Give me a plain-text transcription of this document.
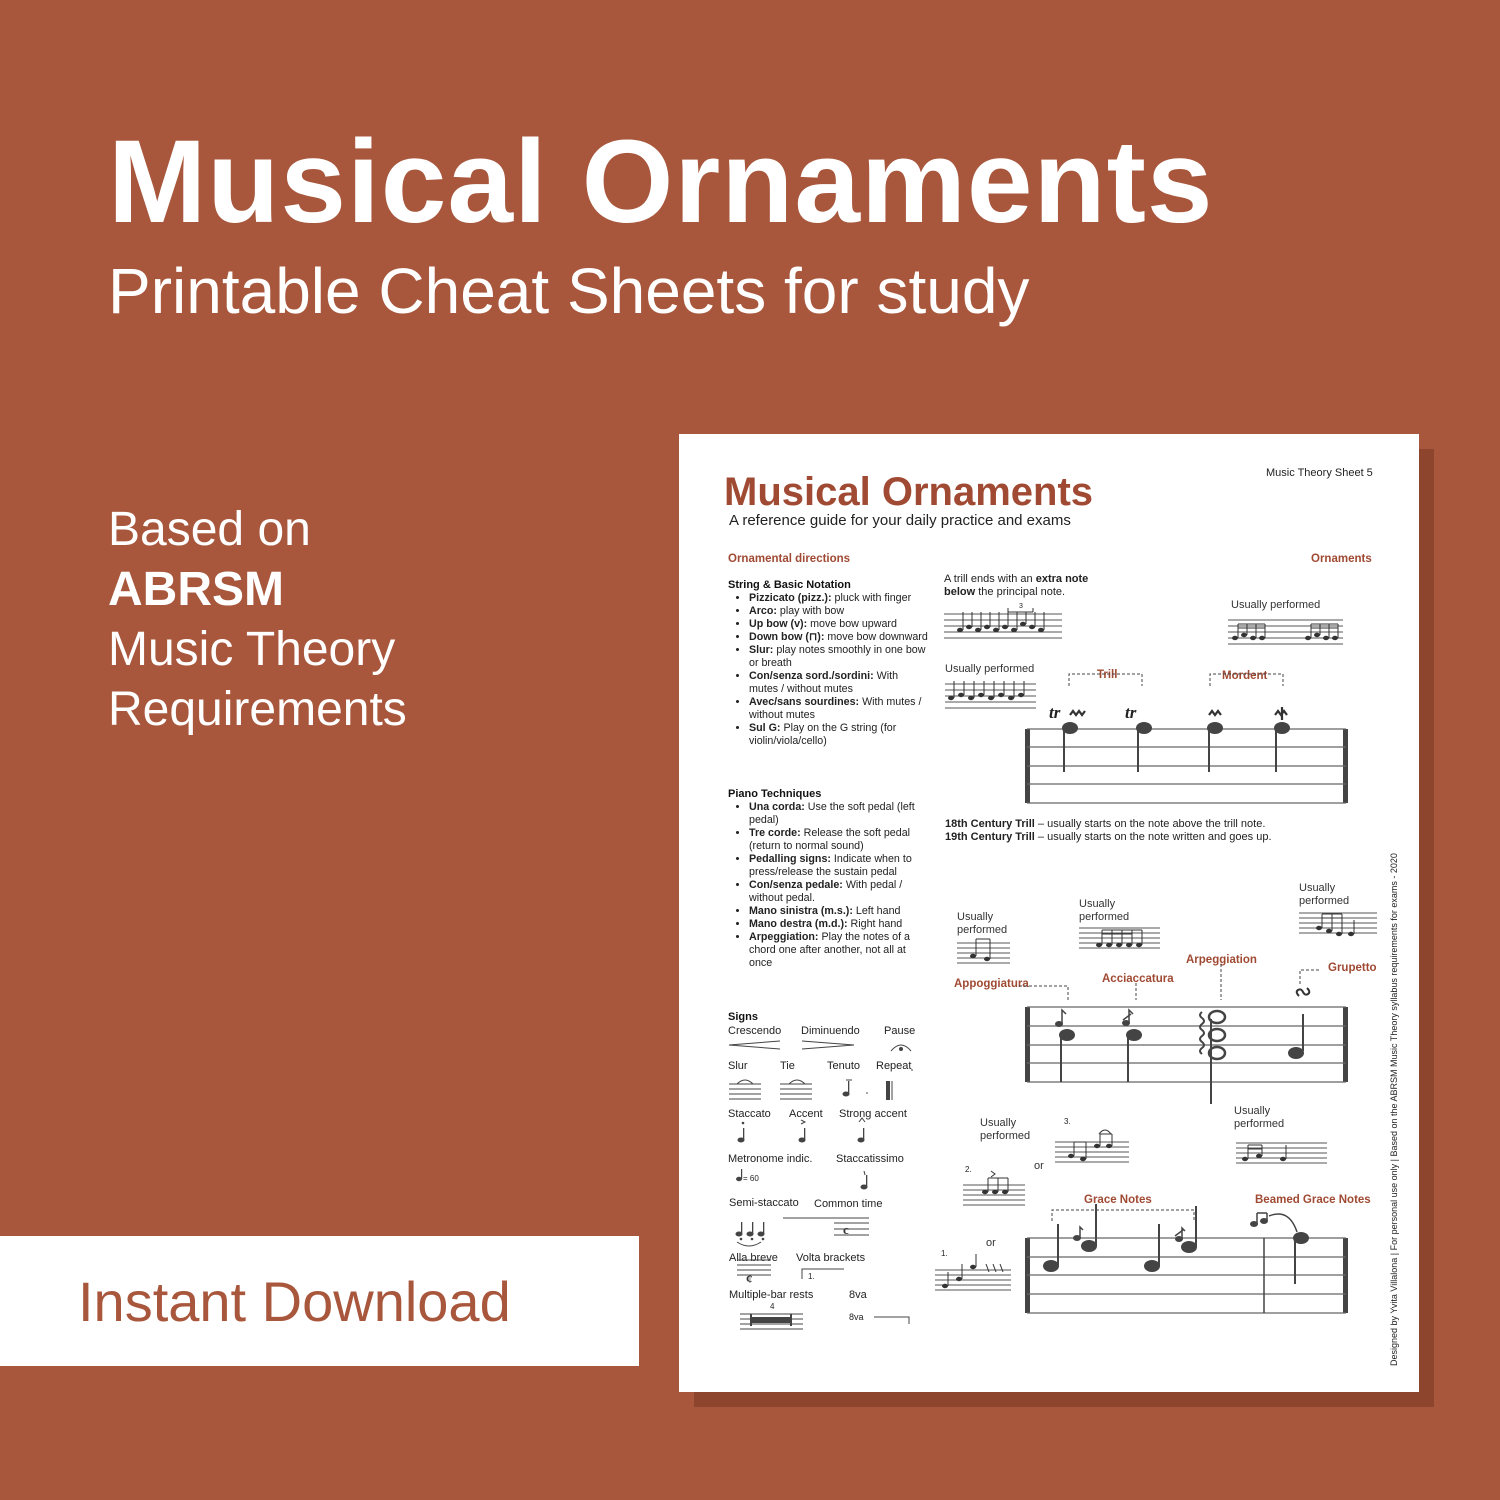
Musical Ornaments
Printable Cheat Sheets for study
Based on
ABRSM
Music Theory
Requirements
Instant Download
Musical Ornaments
A reference guide for your daily practice and exams
Music Theory Sheet 5
Ornamental directions	Ornaments
String & Basic Notation
• Pizzicato (pizz.): pluck with finger
• Arco: play with bow
• Up bow (v): move bow upward
• Down bow (⊓): move bow downward
• Slur: play notes smoothly in one bow or breath
• Con/senza sord./sordini: With mutes / without mutes
• Avec/sans sourdines: With mutes / without mutes
• Sul G: Play on the G string (for violin/viola/cello)
Piano Techniques
• Una corda: Use the soft pedal (left pedal)
• Tre corde: Release the soft pedal (return to normal sound)
• Pedalling signs: Indicate when to press/release the sustain pedal
• Con/senza pedale: With pedal / without pedal.
• Mano sinistra (m.s.): Left hand
• Mano destra (m.d.): Right hand
• Arpeggiation: Play the notes of a chord one after another, not all at once
Signs
Crescendo Diminuendo Pause
Slur	Tie	Tenuto Repeat
Staccato Accent Strong accent
Metronome indic. Staccatissimo
= 60
Semi-staccato Common time
Alla breve Volta brackets
1.
Multiple-bar rests
4
8va
8va
A trill ends with an extra note
below the principal note.
3	Usually performed
Usually performed	Trill	Mordent
tr	tr
18th Century Trill – usually starts on the note above the trill note.
19th Century Trill – usually starts on the note written and goes up.
Usually
performed
Usually
performed
Usually
performed
Arpeggiation
Grupetto
Acciaccatura
Appoggiatura
Usually
performed
Usually
performed
3.
or
2.
Grace Notes	Beamed Grace Notes
or
1.
c
¢	Designed by Yvita Villalona | For personal use only | Based on the ABRSM Music Theory syllabus requirements for exams - 2020
